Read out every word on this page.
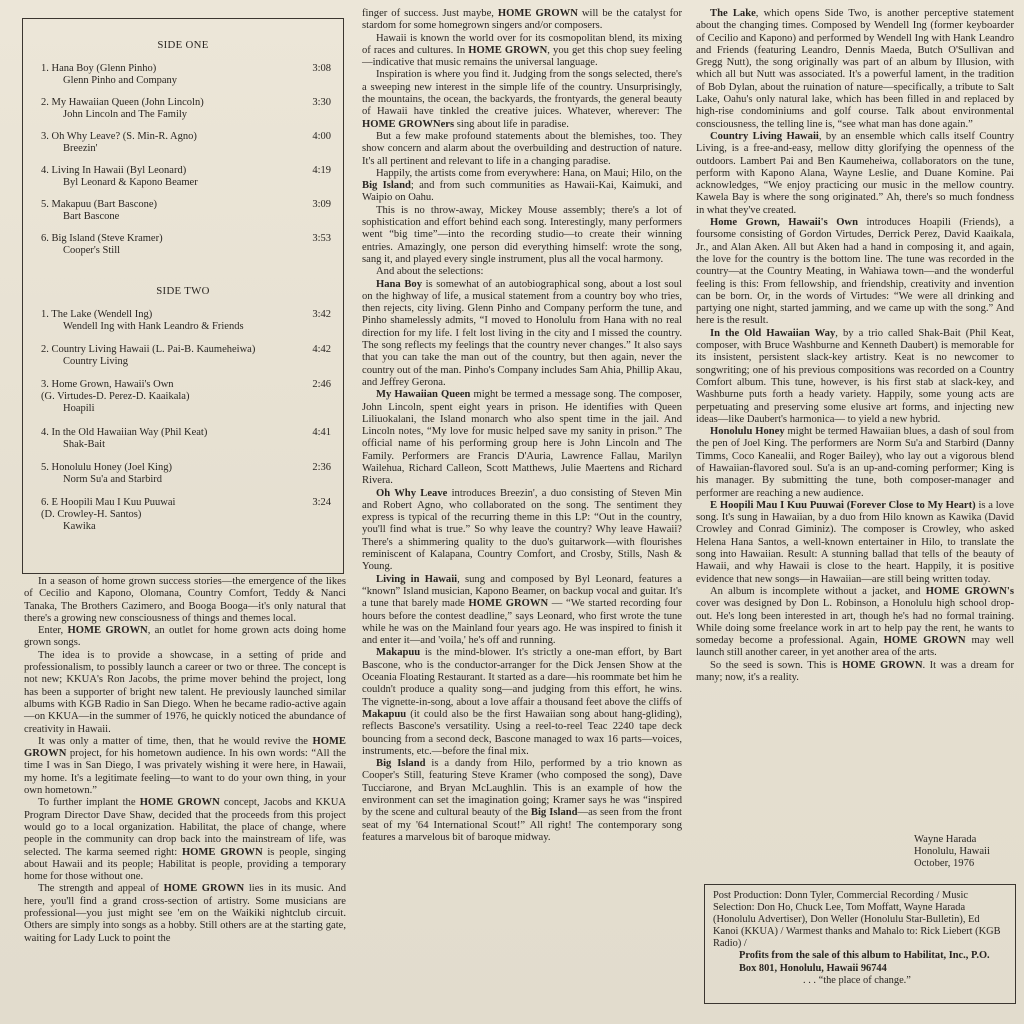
SIDE ONE
1. Hana Boy (Glenn Pinho)	3:08
Glenn Pinho and Company
2. My Hawaiian Queen (John Lincoln)	3:30
John Lincoln and The Family
3. Oh Why Leave? (S. Min-R. Agno)	4:00
Breezin'
4. Living In Hawaii (Byl Leonard)	4:19
Byl Leonard & Kapono Beamer
5. Makapuu (Bart Bascone)	3:09
Bart Bascone
6. Big Island (Steve Kramer)	3:53
Cooper's Still
SIDE TWO
1. The Lake (Wendell Ing)	3:42
Wendell Ing with Hank Leandro & Friends
2. Country Living Hawaii (L. Pai-B. Kaumeheiwa)	4:42
Country Living
3. Home Grown, Hawaii's Own	2:46
(G. Virtudes-D. Perez-D. Kaaikala)
Hoapili
4. In the Old Hawaiian Way (Phil Keat)	4:41
Shak-Bait
5. Honolulu Honey (Joel King)	2:36
Norm Su'a and Starbird
6. E Hoopili Mau I Kuu Puuwai	3:24
(D. Crowley-H. Santos)
Kawika

In a season of home grown success stories—the emergence of the likes of Cecilio and Kapono, Olomana, Country Comfort, Teddy & Nanci Tanaka, The Brothers Cazimero, and Booga Booga—it's only natural that there's a growing new consciousness of things and themes local.

Enter, HOME GROWN, an outlet for home grown acts doing home grown songs.

The idea is to provide a showcase, in a setting of pride and professionalism, to possibly launch a career or two or three. The concept is not new; KKUA's Ron Jacobs, the prime mover behind the project, long has been a supporter of bright new talent. He previously launched similar albums with KGB Radio in San Diego. When he became radio-active again—on KKUA—in the summer of 1976, he quickly noticed the abundance of creativity in Hawaii.

It was only a matter of time, then, that he would revive the HOME GROWN project, for his hometown audience. In his own words: “All the time I was in San Diego, I was privately wishing it were here, in Hawaii, my home. It's a legitimate feeling—to want to do your own thing, in your own hometown.”

To further implant the HOME GROWN concept, Jacobs and KKUA Program Director Dave Shaw, decided that the proceeds from this project would go to a local organization. Habilitat, the place of change, where people in the community can drop back into the mainstream of life, was selected. The karma seemed right: HOME GROWN is people, singing about Hawaii and its people; Habilitat is people, providing a temporary home for those without one.

The strength and appeal of HOME GROWN lies in its music. And here, you'll find a grand cross-section of artistry. Some musicians are professional—you just might see 'em on the Waikiki nightclub circuit. Others are simply into songs as a hobby. Still others are at the starting gate, waiting for Lady Luck to point the

finger of success. Just maybe, HOME GROWN will be the catalyst for stardom for some homegrown singers and/or composers.

Hawaii is known the world over for its cosmopolitan blend, its mixing of races and cultures. In HOME GROWN, you get this chop suey feeling—indicative that music remains the universal language.

Inspiration is where you find it. Judging from the songs selected, there's a sweeping new interest in the simple life of the country. Unsurprisingly, the mountains, the ocean, the backyards, the frontyards, the general beauty of Hawaii have tinkled the creative juices. Whatever, wherever: The HOME GROWNers sing about life in paradise.

But a few make profound statements about the blemishes, too. They show concern and alarm about the overbuilding and destruction of nature. It's all pertinent and relevant to life in a changing paradise.

Happily, the artists come from everywhere: Hana, on Maui; Hilo, on the Big Island; and from such communities as Hawaii-Kai, Kaimuki, and Waipio on Oahu.

This is no throw-away, Mickey Mouse assembly; there's a lot of sophistication and effort behind each song. Interestingly, many performers went “big time”—into the recording studio—to create their winning entries. Amazingly, one person did everything himself: wrote the song, sang it, and played every single instrument, plus all the vocal harmony.

And about the selections:

Hana Boy is somewhat of an autobiographical song, about a lost soul on the highway of life, a musical statement from a country boy who tries, then rejects, city living. Glenn Pinho and Company perform the tune, and Pinho shamelessly admits, “I moved to Honolulu from Hana with no real direction for my life. I felt lost living in the city and I missed the country. The song reflects my feelings that the country never changes.” It also says that you can take the man out of the country, but then again, never the country out of the man. Pinho's Company includes Sam Ahia, Phillip Akau, and Jeffrey Gerona.

My Hawaiian Queen might be termed a message song. The composer, John Lincoln, spent eight years in prison. He identifies with Queen Liliuokalani, the Island monarch who also spent time in the jail. And Lincoln notes, “My love for music helped save my sanity in prison.” The official name of his performing group here is John Lincoln and The Family. Performers are Francis D'Auria, Lawrence Fallau, Marilyn Wailehua, Richard Calleon, Scott Matthews, Julie Maertens and Richard Rivera.

Oh Why Leave introduces Breezin', a duo consisting of Steven Min and Robert Agno, who collaborated on the song. The sentiment they express is typical of the recurring theme in this LP: “Out in the country, you'll find what is true.” So why leave the country? Why leave Hawaii? There's a shimmering quality to the duo's guitarwork—with flourishes reminiscent of Kalapana, Country Comfort, and Crosby, Stills, Nash & Young.

Living in Hawaii, sung and composed by Byl Leonard, features a “known” Island musician, Kapono Beamer, on backup vocal and guitar. It's a tune that barely made HOME GROWN — “We started recording four hours before the contest deadline,” says Leonard, who first wrote the tune while he was on the Mainland four years ago. He was inspired to finish it and enter it—and 'voila,' he's off and running.

Makapuu is the mind-blower. It's strictly a one-man effort, by Bart Bascone, who is the conductor-arranger for the Dick Jensen Show at the Oceania Floating Restaurant. It started as a dare—his roommate bet him he couldn't produce a quality song—and judging from this effort, he wins. The vignette-in-song, about a love affair a thousand feet above the cliffs of Makapuu (it could also be the first Hawaiian song about hang-gliding), reflects Bascone's versatility. Using a reel-to-reel Teac 2240 tape deck bouncing from a second deck, Bascone managed to wax 16 parts—voices, instruments, etc.—before the final mix.

Big Island is a dandy from Hilo, performed by a trio known as Cooper's Still, featuring Steve Kramer (who composed the song), Dave Tucciarone, and Bryan McLaughlin. This is an example of how the environment can set the imagination going; Kramer says he was “inspired by the scene and cultural beauty of the Big Island—as seen from the front seat of my '64 International Scout!” All right! The contemporary song features a marvelous bit of baroque midway.

The Lake, which opens Side Two, is another perceptive statement about the changing times. Composed by Wendell Ing (former keyboarder of Cecilio and Kapono) and performed by Wendell Ing with Hank Leandro and Friends (featuring Leandro, Dennis Maeda, Butch O'Sullivan and Gregg Nutt), the song originally was part of an album by Illusion, with which all but Nutt was associated. It's a powerful lament, in the tradition of Bob Dylan, about the ruination of nature—specifically, a tribute to Salt Lake, Oahu's only natural lake, which has been filled in and replaced by high-rise condominiums and golf course. Talk about environmental consciousness, the telling line is, “see what man has done again.”

Country Living Hawaii, by an ensemble which calls itself Country Living, is a free-and-easy, mellow ditty glorifying the openness of the outdoors. Lambert Pai and Ben Kaumeheiwa, collaborators on the tune, perform with Kapono Alana, Wayne Leslie, and Duane Komine. Pai acknowledges, “We enjoy practicing our music in the mellow country. Kawela Bay is where the song originated.” Ah, there's so much fondness in what they've created.

Home Grown, Hawaii's Own introduces Hoapili (Friends), a foursome consisting of Gordon Virtudes, Derrick Perez, David Kaaikala, Jr., and Alan Aken. All but Aken had a hand in composing it, and again, the love for the country is the bottom line. The tune was recorded in the country—at the Country Meating, in Wahiawa town—and the wonderful feeling is this: From fellowship, and friendship, creativity and invention can be born. Or, in the words of Virtudes: “We were all drinking and partying one night, started jamming, and we came up with the song.” And here is the result.

In the Old Hawaiian Way, by a trio called Shak-Bait (Phil Keat, composer, with Bruce Washburne and Kenneth Daubert) is memorable for its insistent, persistent slack-key artistry. Keat is no newcomer to songwriting; one of his previous compositions was recorded on a Country Comfort album. This tune, however, is his first stab at slack-key, and Washburne puts forth a heady variety. Happily, some young acts are perpetuating and preserving some elusive art forms, and injecting new ideas—like Daubert's harmonica— to yield a new hybrid.

Honolulu Honey might be termed Hawaiian blues, a dash of soul from the pen of Joel King. The performers are Norm Su'a and Starbird (Danny Timms, Coco Kanealii, and Roger Bailey), who lay out a vigorous blend of Hawaiian-flavored soul. Su'a is an up-and-coming performer; King is his manager. By submitting the tune, both composer-manager and performer are reaching a new audience.

E Hoopili Mau I Kuu Puuwai (Forever Close to My Heart) is a love song. It's sung in Hawaiian, by a duo from Hilo known as Kawika (David Crowley and Conrad Giminiz). The composer is Crowley, who asked Helena Hana Santos, a well-known entertainer in Hilo, to translate the song into Hawaiian. Result: A stunning ballad that tells of the beauty of Hawaii, and why Hawaii is close to the heart. Happily, it is positive evidence that new songs—in Hawaiian—are still being written today.

An album is incomplete without a jacket, and HOME GROWN's cover was designed by Don L. Robinson, a Honolulu high school drop-out. He's long been interested in art, though he's had no formal training. While doing some freelance work in art to help pay the rent, he wants to someday become a professional. Again, HOME GROWN may well launch still another career, in yet another area of the arts.

So the seed is sown. This is HOME GROWN. It was a dream for many; now, it's a reality.

Wayne Harada
Honolulu, Hawaii
October, 1976

Post Production: Donn Tyler, Commercial Recording / Music Selection: Don Ho, Chuck Lee, Tom Moffatt, Wayne Harada (Honolulu Advertiser), Don Weller (Honolulu Star-Bulletin), Ed Kanoi (KKUA) / Warmest thanks and Mahalo to: Rick Liebert (KGB Radio) /

Profits from the sale of this album to Habilitat, Inc., P.O. Box 801, Honolulu, Hawaii 96744

. . . “the place of change.”
